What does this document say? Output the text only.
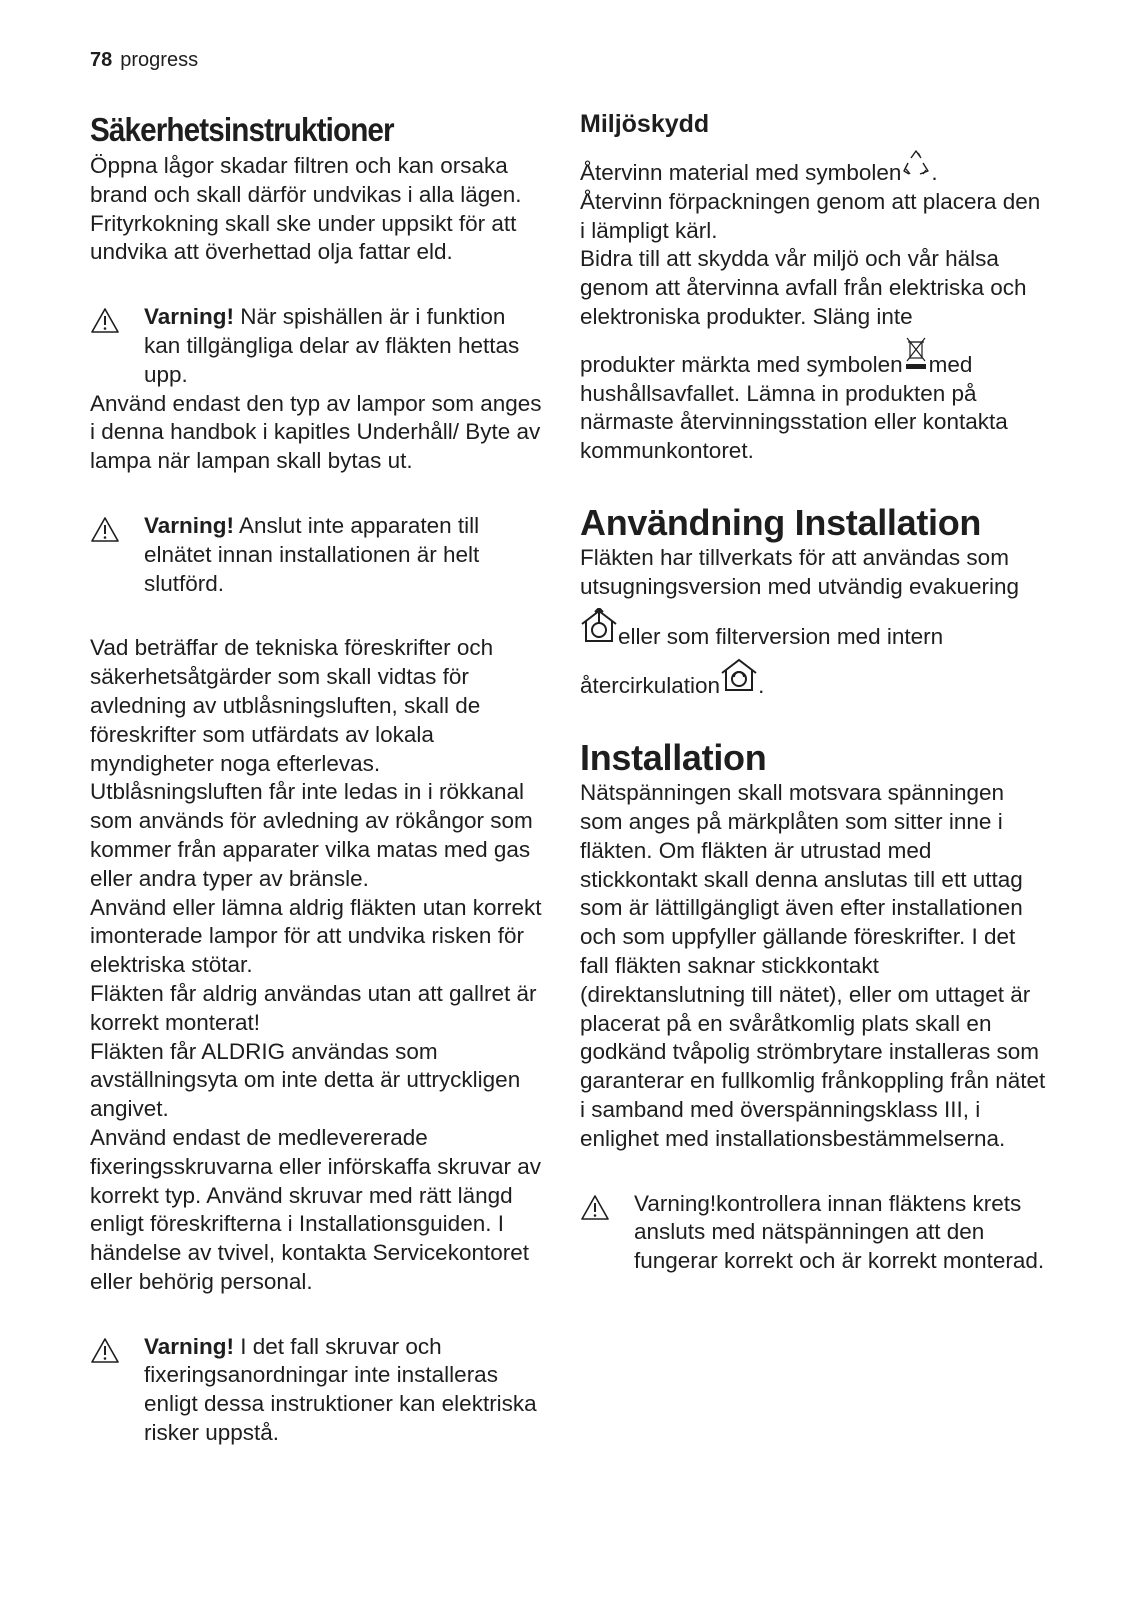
78 progress
Säkerhetsinstruktioner

Öppna lågor skadar filtren och kan orsaka brand och skall därför undvikas i alla lägen. Frityrkokning skall ske under uppsikt för att undvika att överhettad olja fattar eld.

Varning! När spishällen är i funktion kan tillgängliga delar av fläkten hettas upp.

Använd endast den typ av lampor som anges i denna handbok i kapitles Underhåll/ Byte av lampa när lampan skall bytas ut.

Varning! Anslut inte apparaten till elnätet innan installationen är helt slutförd.

Vad beträffar de tekniska föreskrifter och säkerhetsåtgärder som skall vidtas för avledning av utblåsningsluften, skall de föreskrifter som utfärdats av lokala myndigheter noga efterlevas.

Utblåsningsluften får inte ledas in i rökkanal som används för avledning av rökångor som kommer från apparater vilka matas med gas eller andra typer av bränsle.

Använd eller lämna aldrig fläkten utan korrekt imonterade lampor för att undvika risken för elektriska stötar.

Fläkten får aldrig användas utan att gallret är korrekt monterat!

Fläkten får ALDRIG användas som avställningsyta om inte detta är uttryckligen angivet.

Använd endast de medlevererade fixeringsskruvarna eller införskaffa skruvar av korrekt typ. Använd skruvar med rätt längd enligt föreskrifterna i Installationsguiden. I händelse av tvivel, kontakta Servicekontoret eller behörig personal.

Varning! I det fall skruvar och fixeringsanordningar inte installeras enligt dessa instruktioner kan elektriska risker uppstå.

Miljöskydd

Återvinn material med symbolen .

Återvinn förpackningen genom att placera den i lämpligt kärl.

Bidra till att skydda vår miljö och vår hälsa genom att återvinna avfall från elektriska och elektroniska produkter. Släng inte

produkter märkta med symbolen med hushållsavfallet. Lämna in produkten på närmaste återvinningsstation eller kontakta kommunkontoret.

Användning Installation

Fläkten har tillverkats för att användas som utsugningsversion med utvändig evakuering

eller som filterversion med intern

återcirkulation .

Installation

Nätspänningen skall motsvara spänningen som anges på märkplåten som sitter inne i fläkten. Om fläkten är utrustad med stickkontakt skall denna anslutas till ett uttag som är lättillgängligt även efter installationen och som uppfyller gällande föreskrifter. I det fall fläkten saknar stickkontakt (direktanslutning till nätet), eller om uttaget är placerat på en svåråtkomlig plats skall en godkänd tvåpolig strömbrytare installeras som garanterar en fullkomlig frånkoppling från nätet i samband med överspänningsklass III, i enlighet med installationsbestämmelserna.

Varning!kontrollera innan fläktens krets ansluts med nätspänningen att den fungerar korrekt och är korrekt monterad.
